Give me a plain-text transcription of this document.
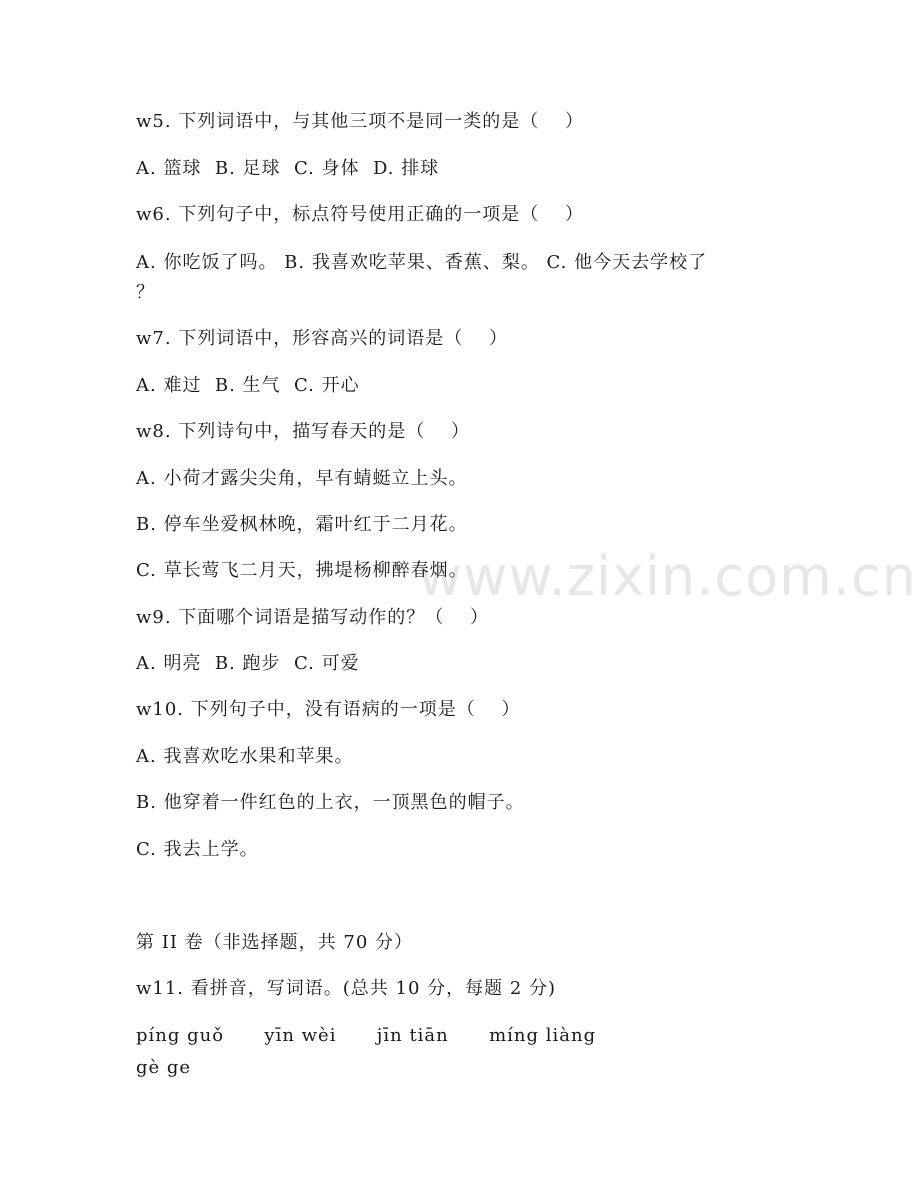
www.zixin.com.cn
w5. 下列词语中，与其他三项不是同一类的是（　 ）
A. 篮球  B. 足球  C. 身体  D. 排球
w6. 下列句子中，标点符号使用正确的一项是（　 ）
A. 你吃饭了吗。 B. 我喜欢吃苹果、香蕉、梨。 C. 他今天去学校了
？
w7. 下列词语中，形容高兴的词语是（　 ）
A. 难过  B. 生气  C. 开心
w8. 下列诗句中，描写春天的是（　 ）
A. 小荷才露尖尖角，早有蜻蜓立上头。
B. 停车坐爱枫林晚，霜叶红于二月花。
C. 草长莺飞二月天，拂堤杨柳醉春烟。
w9. 下面哪个词语是描写动作的？（　 ）
A. 明亮  B. 跑步  C. 可爱
w10. 下列句子中，没有语病的一项是（　 ）
A. 我喜欢吃水果和苹果。
B. 他穿着一件红色的上衣，一顶黑色的帽子。
C. 我去上学。
第 II 卷（非选择题，共 70 分）
w11. 看拼音，写词语。(总共 10 分，每题 2 分)
píng guǒ      yīn wèi      jīn tiān      míng liàng
gè ge
